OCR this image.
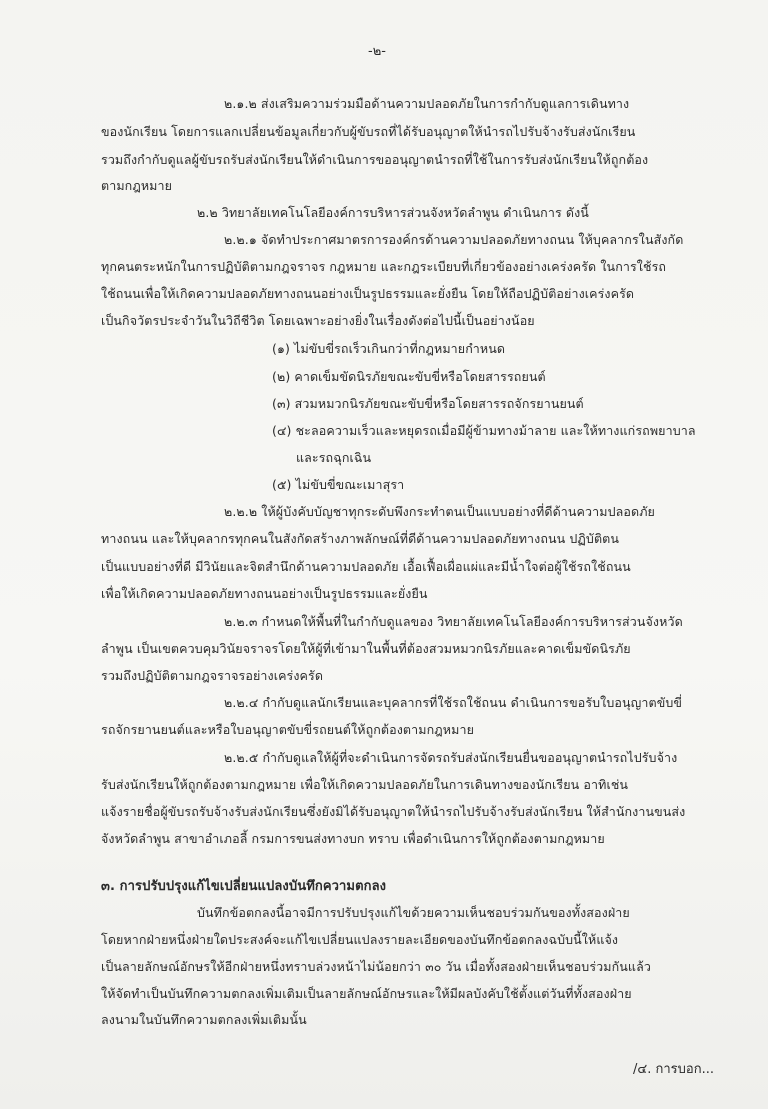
-๒-
๒.๑.๒ ส่งเสริมความร่วมมือด้านความปลอดภัยในการกำกับดูแลการเดินทาง
ของนักเรียน โดยการแลกเปลี่ยนข้อมูลเกี่ยวกับผู้ขับรถที่ได้รับอนุญาตให้นำรถไปรับจ้างรับส่งนักเรียน
รวมถึงกำกับดูแลผู้ขับรถรับส่งนักเรียนให้ดำเนินการขออนุญาตนำรถที่ใช้ในการรับส่งนักเรียนให้ถูกต้อง
ตามกฎหมาย
๒.๒ วิทยาลัยเทคโนโลยีองค์การบริหารส่วนจังหวัดลำพูน ดำเนินการ ดังนี้
๒.๒.๑ จัดทำประกาศมาตรการองค์กรด้านความปลอดภัยทางถนน ให้บุคลากรในสังกัด
ทุกคนตระหนักในการปฏิบัติตามกฎจราจร กฎหมาย และกฎระเบียบที่เกี่ยวข้องอย่างเคร่งครัด ในการใช้รถ
ใช้ถนนเพื่อให้เกิดความปลอดภัยทางถนนอย่างเป็นรูปธรรมและยั่งยืน โดยให้ถือปฏิบัติอย่างเคร่งครัด
เป็นกิจวัตรประจำวันในวิถีชีวิต โดยเฉพาะอย่างยิ่งในเรื่องดังต่อไปนี้เป็นอย่างน้อย
(๑) ไม่ขับขี่รถเร็วเกินกว่าที่กฎหมายกำหนด
(๒) คาดเข็มขัดนิรภัยขณะขับขี่หรือโดยสารรถยนต์
(๓) สวมหมวกนิรภัยขณะขับขี่หรือโดยสารรถจักรยานยนต์
(๔) ชะลอความเร็วและหยุดรถเมื่อมีผู้ข้ามทางม้าลาย และให้ทางแก่รถพยาบาล
และรถฉุกเฉิน
(๕) ไม่ขับขี่ขณะเมาสุรา
๒.๒.๒ ให้ผู้บังคับบัญชาทุกระดับพึงกระทำตนเป็นแบบอย่างที่ดีด้านความปลอดภัย
ทางถนน และให้บุคลากรทุกคนในสังกัดสร้างภาพลักษณ์ที่ดีด้านความปลอดภัยทางถนน ปฏิบัติตน
เป็นแบบอย่างที่ดี มีวินัยและจิตสำนึกด้านความปลอดภัย เอื้อเฟื้อเผื่อแผ่และมีน้ำใจต่อผู้ใช้รถใช้ถนน
เพื่อให้เกิดความปลอดภัยทางถนนอย่างเป็นรูปธรรมและยั่งยืน
๒.๒.๓ กำหนดให้พื้นที่ในกำกับดูแลของ วิทยาลัยเทคโนโลยีองค์การบริหารส่วนจังหวัด
ลำพูน เป็นเขตควบคุมวินัยจราจรโดยให้ผู้ที่เข้ามาในพื้นที่ต้องสวมหมวกนิรภัยและคาดเข็มขัดนิรภัย
รวมถึงปฏิบัติตามกฎจราจรอย่างเคร่งครัด
๒.๒.๔ กำกับดูแลนักเรียนและบุคลากรที่ใช้รถใช้ถนน ดำเนินการขอรับใบอนุญาตขับขี่
รถจักรยานยนต์และหรือใบอนุญาตขับขี่รถยนต์ให้ถูกต้องตามกฎหมาย
๒.๒.๕ กำกับดูแลให้ผู้ที่จะดำเนินการจัดรถรับส่งนักเรียนยื่นขออนุญาตนำรถไปรับจ้าง
รับส่งนักเรียนให้ถูกต้องตามกฎหมาย เพื่อให้เกิดความปลอดภัยในการเดินทางของนักเรียน อาทิเช่น
แจ้งรายชื่อผู้ขับรถรับจ้างรับส่งนักเรียนซึ่งยังมิได้รับอนุญาตให้นำรถไปรับจ้างรับส่งนักเรียน ให้สำนักงานขนส่ง
จังหวัดลำพูน สาขาอำเภอลี้ กรมการขนส่งทางบก ทราบ เพื่อดำเนินการให้ถูกต้องตามกฎหมาย
๓. การปรับปรุงแก้ไขเปลี่ยนแปลงบันทึกความตกลง
บันทึกข้อตกลงนี้อาจมีการปรับปรุงแก้ไขด้วยความเห็นชอบร่วมกันของทั้งสองฝ่าย
โดยหากฝ่ายหนึ่งฝ่ายใดประสงค์จะแก้ไขเปลี่ยนแปลงรายละเอียดของบันทึกข้อตกลงฉบับนี้ให้แจ้ง
เป็นลายลักษณ์อักษรให้อีกฝ่ายหนึ่งทราบล่วงหน้าไม่น้อยกว่า ๓๐ วัน เมื่อทั้งสองฝ่ายเห็นชอบร่วมกันแล้ว
ให้จัดทำเป็นบันทึกความตกลงเพิ่มเติมเป็นลายลักษณ์อักษรและให้มีผลบังคับใช้ตั้งแต่วันที่ทั้งสองฝ่าย
ลงนามในบันทึกความตกลงเพิ่มเติมนั้น
/๔. การบอก...
